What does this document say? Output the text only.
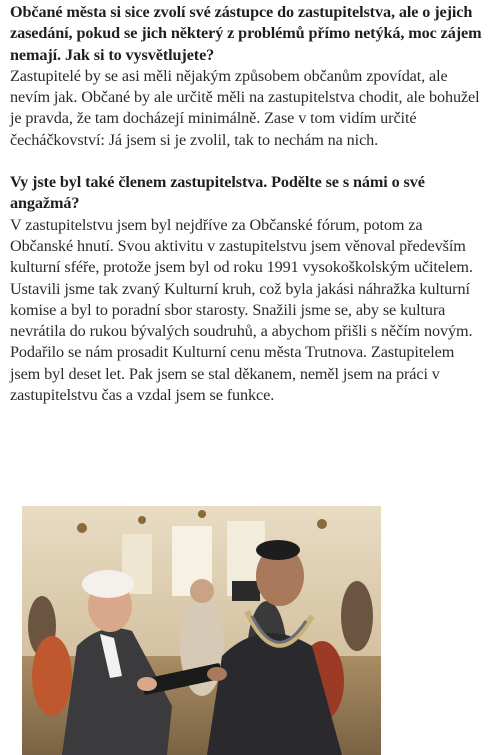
Občané města si sice zvolí své zástupce do zastupitelstva, ale o jejich zasedání, pokud se jich některý z problémů přímo netýká, moc zájem nemají. Jak si to vysvětlujete?

Zastupitelé by se asi měli nějakým způsobem občanům zpovídat, ale nevím jak. Občané by ale určitě měli na zastupitelstva chodit, ale bohužel je pravda, že tam docházejí minimálně. Zase v tom vidím určité čecháčkovství: Já jsem si je zvolil, tak to nechám na nich.

Vy jste byl také členem zastupitelstva. Podělte se s námi o své angažmá?

V zastupitelstvu jsem byl nejdříve za Občanské fórum, potom za Občanské hnutí. Svou aktivitu v zastupitelstvu jsem věnoval především kulturní sféře, protože jsem byl od roku 1991 vysokoškolským učitelem. Ustavili jsme tak zvaný Kulturní kruh, což byla jakási náhražka kulturní komise a byl to poradní sbor starosty. Snažili jsme se, aby se kultura nevrátila do rukou bývalých soudruhů, a abychom přišli s něčím novým. Podařilo se nám prosadit Kulturní cenu města Trutnova. Zastupitelem jsem byl deset let. Pak jsem se stal děkanem, neměl jsem na práci v zastupitelstvu čas a vzdal jsem se funkce.
